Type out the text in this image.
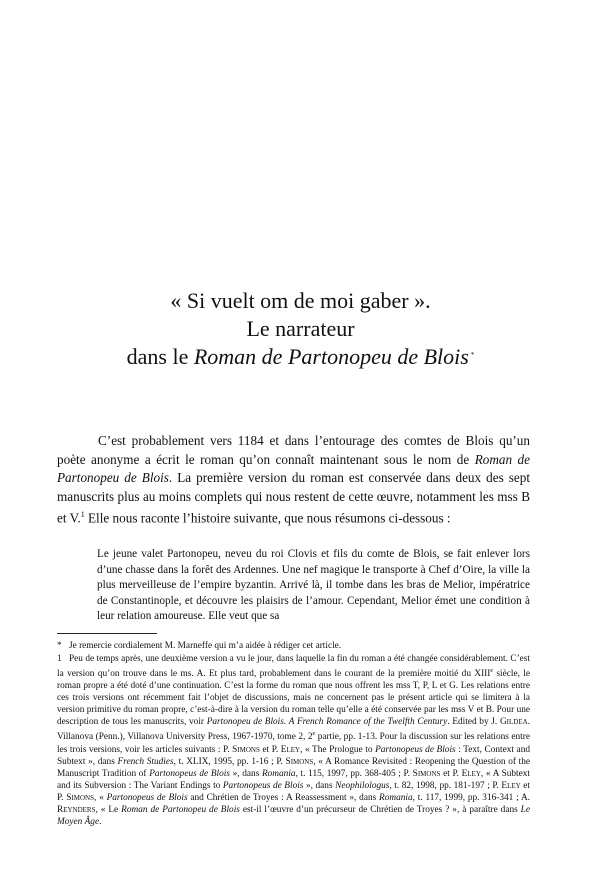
« Si vuelt om de moi gaber ».
Le narrateur
dans le Roman de Partonopeu de Blois *

C’est probablement vers 1184 et dans l’entourage des comtes de Blois qu’un poète anonyme a écrit le roman qu’on connaît maintenant sous le nom de Roman de Partonopeu de Blois. La première version du roman est conservée dans deux des sept manuscrits plus au moins complets qui nous restent de cette œuvre, notamment les mss B et V.$^1$ Elle nous raconte l’histoire suivante, que nous résumons ci-dessous :

Le jeune valet Partonopeu, neveu du roi Clovis et fils du comte de Blois, se fait enlever lors d’une chasse dans la forêt des Ardennes. Une nef magique le transporte à Chef d’Oire, la ville la plus merveilleuse de l’empire byzantin. Arrivé là, il tombe dans les bras de Melior, impératrice de Constantinople, et découvre les plaisirs de l’amour. Cependant, Melior émet une condition à leur relation amoureuse. Elle veut que sa

* Je remercie cordialement M. Marneffe qui m’a aidée à rédiger cet article.

1 Peu de temps après, une deuxième version a vu le jour, dans laquelle la fin du roman a été changée considérablement. C’est la version qu’on trouve dans le ms. A. Et plus tard, probablement dans le courant de la première moitié du XIIIe siècle, le roman propre a été doté d’une continuation. C’est la forme du roman que nous offrent les mss T, P, L et G. Les relations entre ces trois versions ont récemment fait l’objet de discussions, mais ne concernent pas le présent article qui se limitera à la version primitive du roman propre, c’est-à-dire à la version du roman telle qu’elle a été conservée par les mss V et B. Pour une description de tous les manuscrits, voir Partonopeu de Blois. A French Romance of the Twelfth Century. Edited by J. Gildea. Villanova (Penn.), Villanova University Press, 1967-1970, tome 2, 2e partie, pp. 1-13. Pour la discussion sur les relations entre les trois versions, voir les articles suivants : P. Simons et P. Eley, « The Prologue to Partonopeus de Blois : Text, Context and Subtext », dans French Studies, t. XLIX, 1995, pp. 1-16 ; P. Simons, « A Romance Revisited : Reopening the Question of the Manuscript Tradition of Partonopeus de Blois », dans Romania, t. 115, 1997, pp. 368-405 ; P. Simons et P. Eley, « A Subtext and its Subversion : The Variant Endings to Partonopeus de Blois », dans Neophilologus, t. 82, 1998, pp. 181-197 ; P. Eley et P. Simons, « Partonopeus de Blois and Chrétien de Troyes : A Reassessment », dans Romania, t. 117, 1999, pp. 316-341 ; A. Reynders, « Le Roman de Partonopeu de Blois est-il l’œuvre d’un précurseur de Chrétien de Troyes ? », à paraître dans Le Moyen Âge.
